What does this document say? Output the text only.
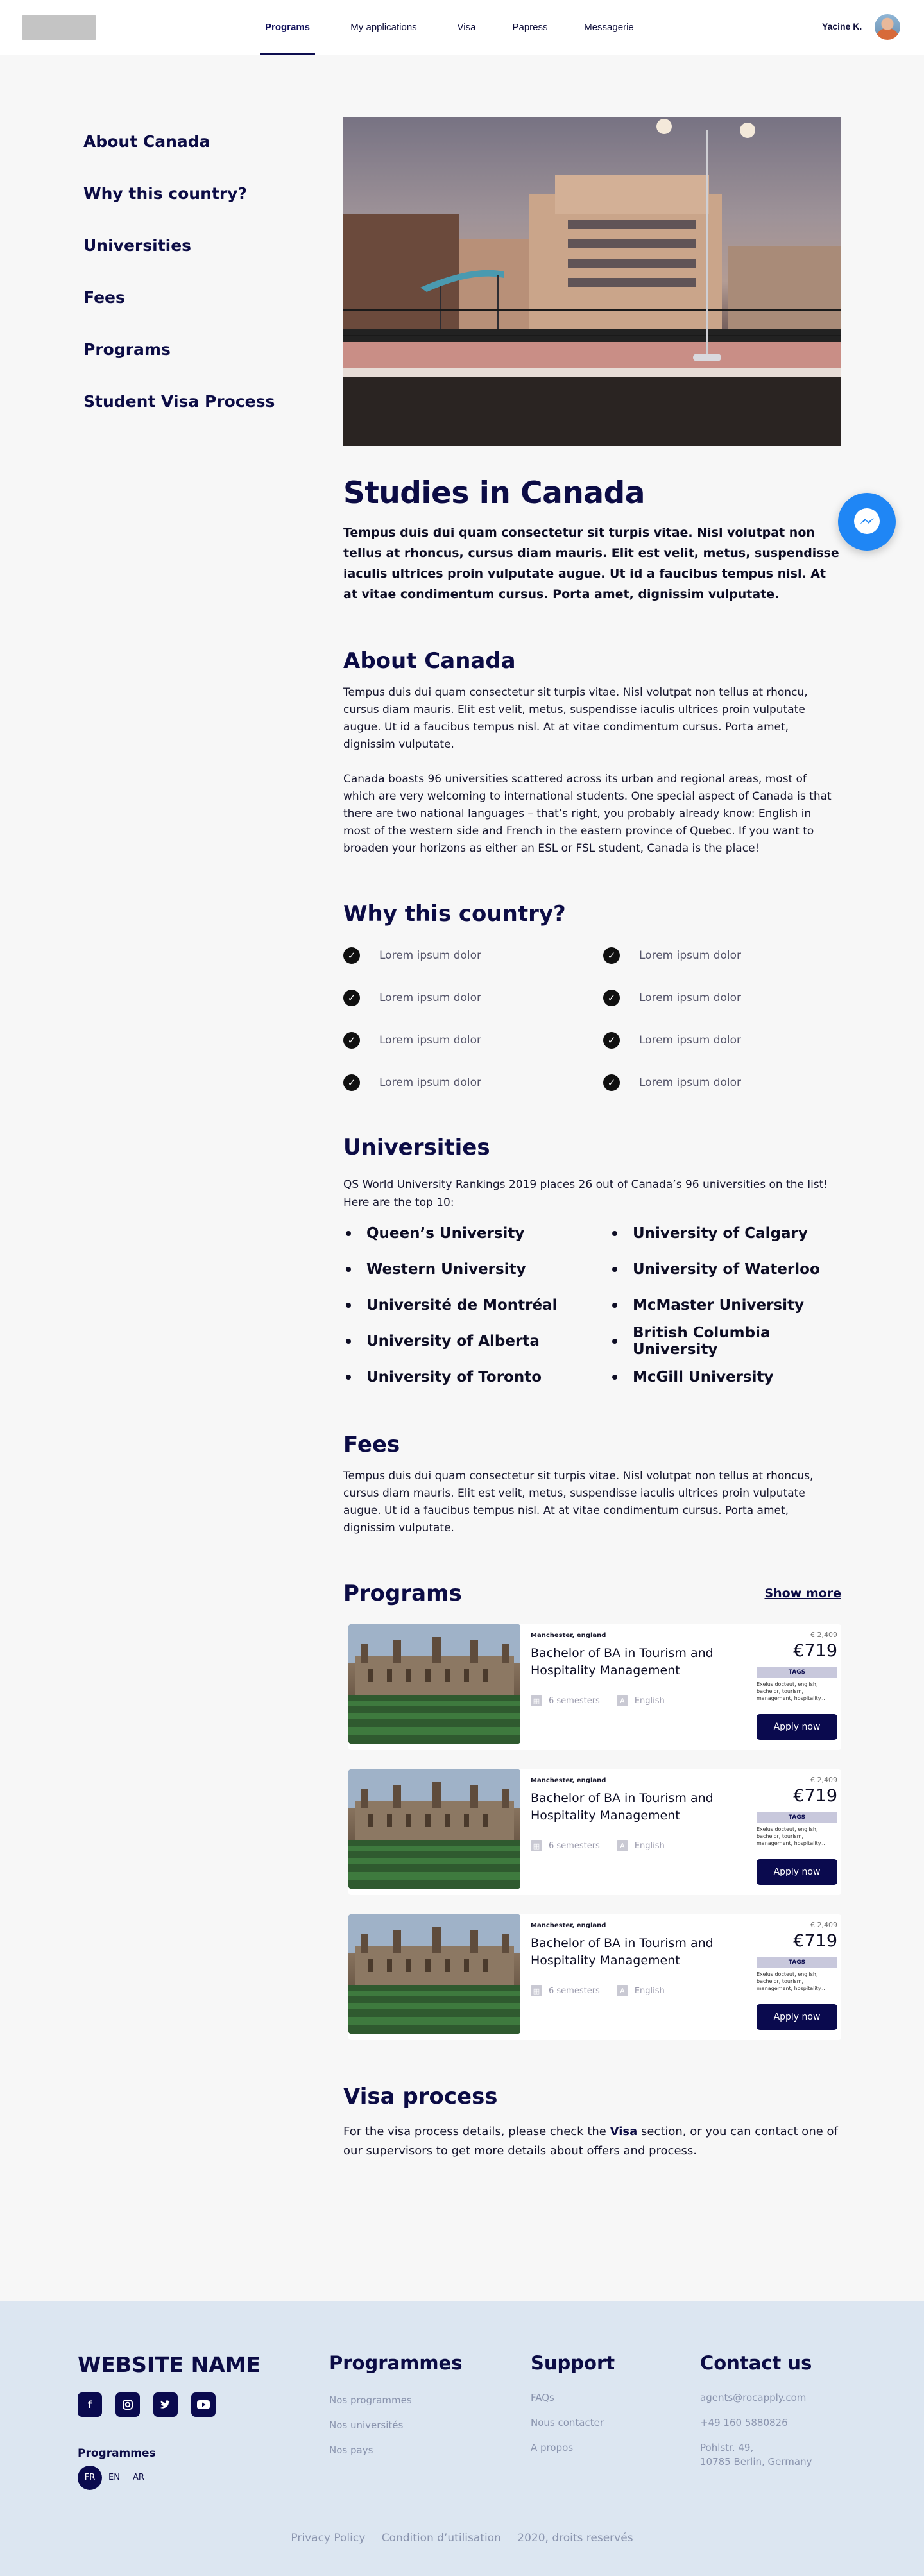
Programs	My applications	Visa	Papress	Messagerie	Yacine K.
About Canada
Why this country?
Universities
Fees
Programs
Student Visa Process
Studies in Canada

Tempus duis dui quam consectetur sit turpis vitae. Nisl volutpat non tellus at rhoncus, cursus diam mauris. Elit est velit, metus, suspendisse iaculis ultrices proin vulputate augue. Ut id a faucibus tempus nisl. At at vitae condimentum cursus. Porta amet, dignissim vulputate.

About Canada

Tempus duis dui quam consectetur sit turpis vitae. Nisl volutpat non tellus at rhoncu, cursus diam mauris. Elit est velit, metus, suspendisse iaculis ultrices proin vulputate augue. Ut id a faucibus tempus nisl. At at vitae condimentum cursus. Porta amet, dignissim vulputate.

Canada boasts 96 universities scattered across its urban and regional areas, most of which are very welcoming to international students. One special aspect of Canada is that there are two national languages – that’s right, you probably already know: English in most of the western side and French in the eastern province of Quebec. If you want to broaden your horizons as either an ESL or FSL student, Canada is the place!

Why this country?
✓	Lorem ipsum dolor	✓	Lorem ipsum dolor
✓	Lorem ipsum dolor	✓	Lorem ipsum dolor
✓	Lorem ipsum dolor	✓	Lorem ipsum dolor
✓	Lorem ipsum dolor	✓	Lorem ipsum dolor
Universities

QS World University Rankings 2019 places 26 out of Canada’s 96 universities on the list! Here are the top 10:

Queen’s University	University of Calgary
Western University	University of Waterloo
Université de Montréal	McMaster University
University of Alberta	British Columbia University
University of Toronto	McGill University
Fees

Tempus duis dui quam consectetur sit turpis vitae. Nisl volutpat non tellus at rhoncus, cursus diam mauris. Elit est velit, metus, suspendisse iaculis ultrices proin vulputate augue. Ut id a faucibus tempus nisl. At at vitae condimentum cursus. Porta amet, dignissim vulputate.

Programs	Show more
Manchester, england
Bachelor of BA in Tourism and Hospitality Management
▦ 6 semesters	A	English
€ 2,409
€719
TAGS
Exelus docteut, english, bachelor, tourism, management, hospitality...
Apply now
Manchester, england
Bachelor of BA in Tourism and Hospitality Management
▦ 6 semesters	A	English
€ 2,409
€719
TAGS
Exelus docteut, english, bachelor, tourism, management, hospitality...
Apply now
Manchester, england
Bachelor of BA in Tourism and Hospitality Management
▦ 6 semesters	A	English
€ 2,409
€719
TAGS
Exelus docteut, english, bachelor, tourism, management, hospitality...
Apply now
Visa process

For the visa process details, please check the Visa section, or you can contact one of our supervisors to get more details about offers and process.

WEBSITE NAME
f
Programmes
FR	EN	AR
Programmes
Nos programmes
Nos universités
Nos pays
Support
FAQs
Nous contacter
A propos
Contact us
agents@rocapply.com
+49 160 5880826
Pohlstr. 49,
10785 Berlin, Germany
Privacy Policy Condition d’utilisation 2020, droits reservés
